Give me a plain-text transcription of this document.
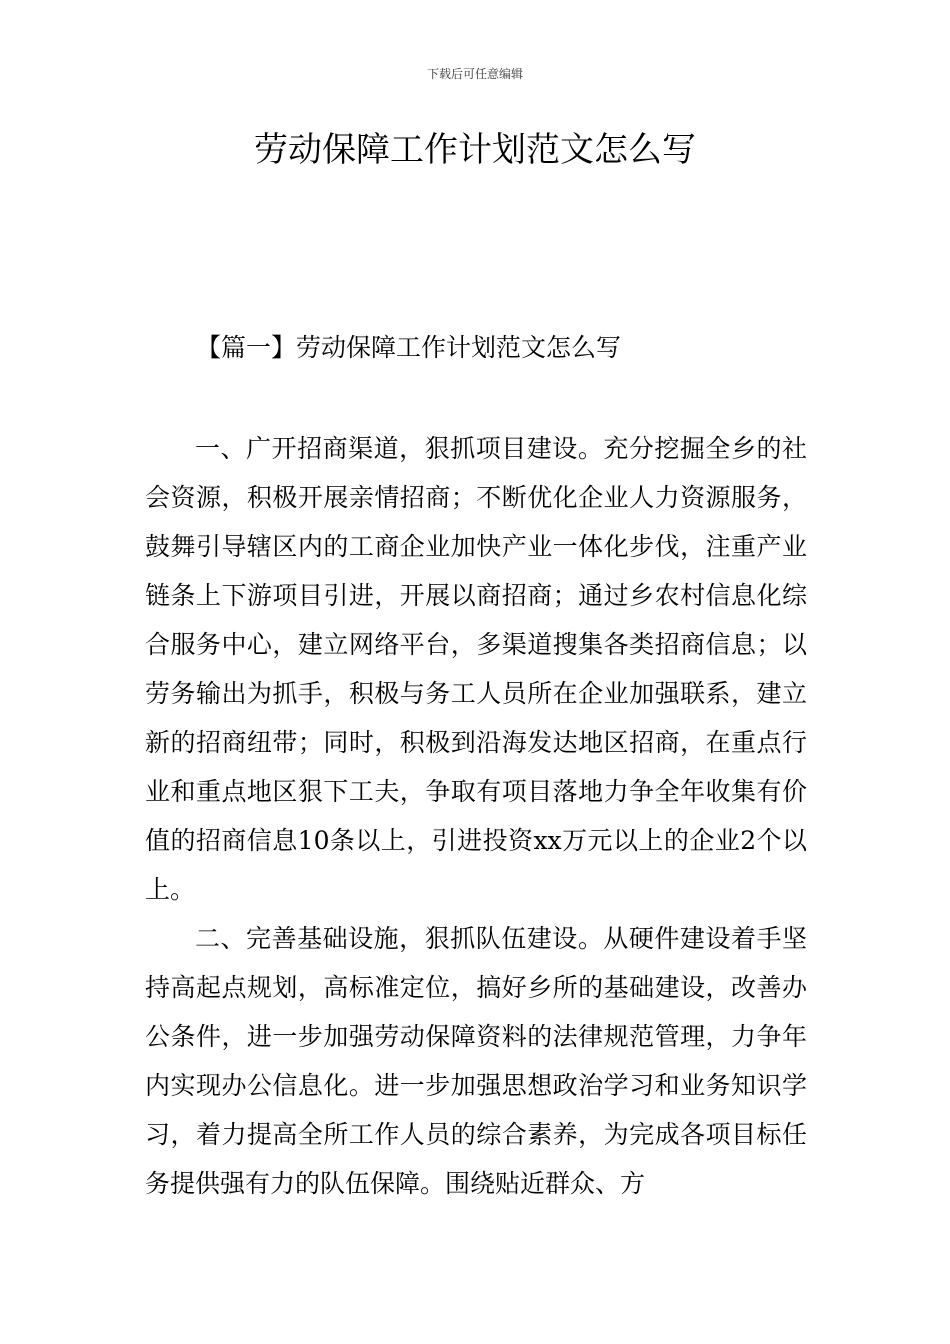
下载后可任意编辑
劳动保障工作计划范文怎么写
【篇一】劳动保障工作计划范文怎么写

一、广开招商渠道，狠抓项目建设。充分挖掘全乡的社会资源，积极开展亲情招商；不断优化企业人力资源服务，鼓舞引导辖区内的工商企业加快产业一体化步伐，注重产业链条上下游项目引进，开展以商招商；通过乡农村信息化综合服务中心，建立网络平台，多渠道搜集各类招商信息；以劳务输出为抓手，积极与务工人员所在企业加强联系，建立新的招商纽带；同时，积极到沿海发达地区招商，在重点行业和重点地区狠下工夫，争取有项目落地力争全年收集有价值的招商信息10条以上，引进投资xx万元以上的企业2个以上。

二、完善基础设施，狠抓队伍建设。从硬件建设着手坚持高起点规划，高标准定位，搞好乡所的基础建设，改善办公条件，进一步加强劳动保障资料的法律规范管理，力争年内实现办公信息化。进一步加强思想政治学习和业务知识学习，着力提高全所工作人员的综合素养，为完成各项目标任务提供强有力的队伍保障。围绕贴近群众、方
